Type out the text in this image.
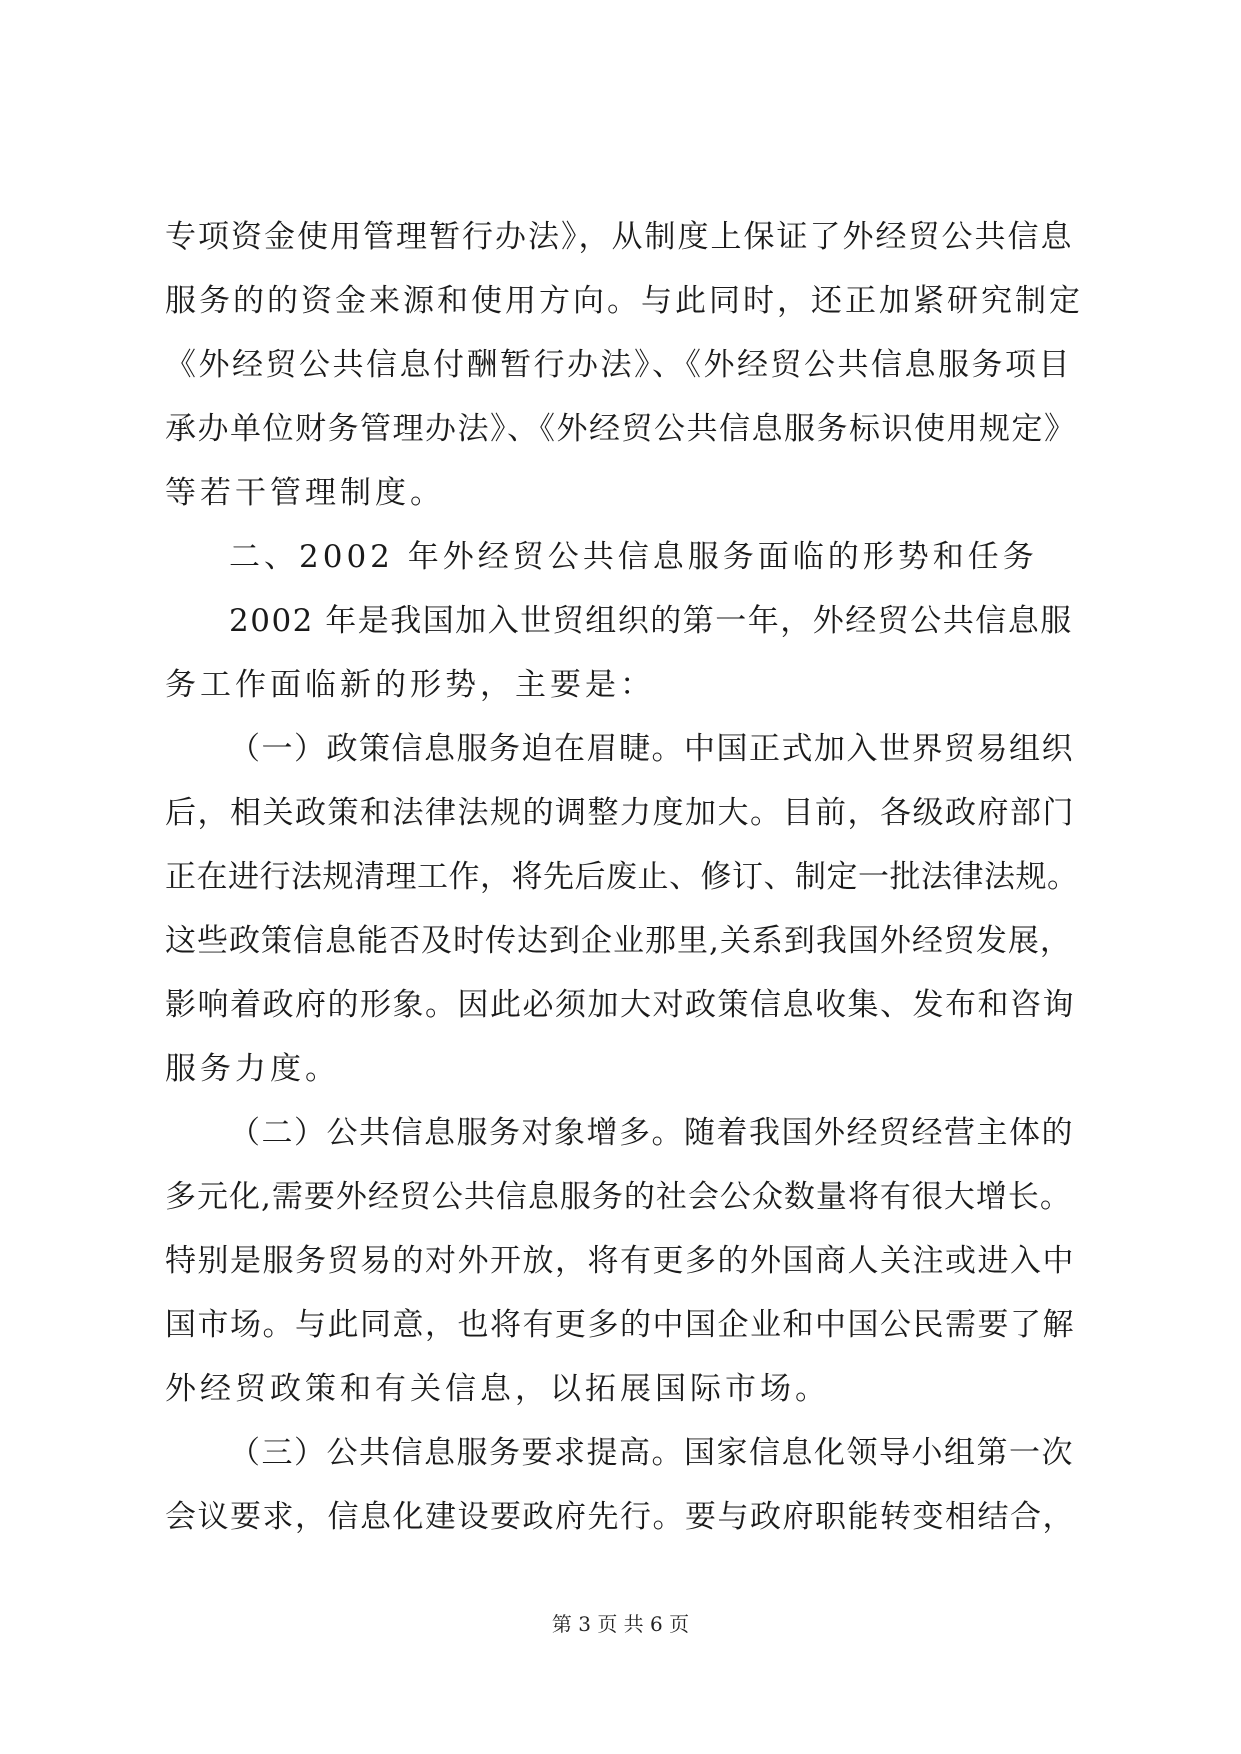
专项资金使用管理暂行办法》，从制度上保证了外经贸公共信息

服务的的资金来源和使用方向。与此同时，还正加紧研究制定

《外经贸公共信息付酬暂行办法》、《外经贸公共信息服务项目

承办单位财务管理办法》、《外经贸公共信息服务标识使用规定》

等若干管理制度。

二、2002 年外经贸公共信息服务面临的形势和任务

2002 年是我国加入世贸组织的第一年，外经贸公共信息服

务工作面临新的形势，主要是：

（一）政策信息服务迫在眉睫。中国正式加入世界贸易组织

后，相关政策和法律法规的调整力度加大。目前，各级政府部门

正在进行法规清理工作，将先后废止、修订、制定一批法律法规。

这些政策信息能否及时传达到企业那里,关系到我国外经贸发展，

影响着政府的形象。因此必须加大对政策信息收集、发布和咨询

服务力度。

（二）公共信息服务对象增多。随着我国外经贸经营主体的

多元化,需要外经贸公共信息服务的社会公众数量将有很大增长。

特别是服务贸易的对外开放，将有更多的外国商人关注或进入中

国市场。与此同意，也将有更多的中国企业和中国公民需要了解

外经贸政策和有关信息，以拓展国际市场。

（三）公共信息服务要求提高。国家信息化领导小组第一次

会议要求，信息化建设要政府先行。要与政府职能转变相结合，

第 3 页 共 6 页
